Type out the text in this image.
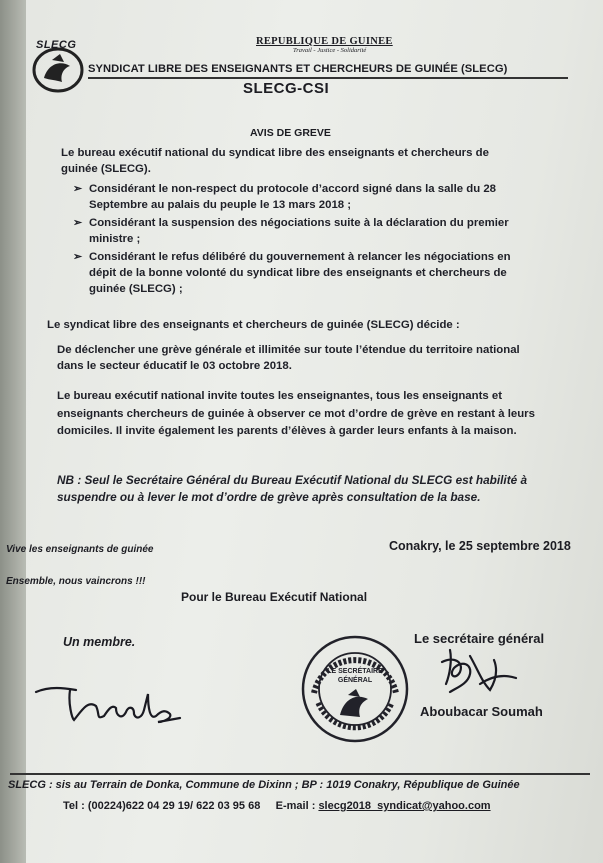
SLECG	REPUBLIQUE DE GUINEE
Travail - Justice - Solidarité
SYNDICAT LIBRE DES ENSEIGNANTS ET CHERCHEURS DE GUINÉE (SLECG)
SLECG-CSI
AVIS DE GREVE
Le bureau exécutif national du syndicat libre des enseignants et chercheurs de guinée (SLECG).
➢ Considérant le non-respect du protocole d’accord signé dans la salle du 28 Septembre au palais du peuple le 13 mars 2018 ;
➢ Considérant la suspension des négociations suite à la déclaration du premier ministre ;
➢ Considérant le refus délibéré du gouvernement à relancer les négociations en dépit de la bonne volonté du syndicat libre des enseignants et chercheurs de guinée (SLECG) ;
Le syndicat libre des enseignants et chercheurs de guinée (SLECG) décide :
De déclencher une grève générale et illimitée sur toute l’étendue du territoire national dans le secteur éducatif le 03 octobre 2018.
Le bureau exécutif national invite toutes les enseignantes, tous les enseignants et enseignants chercheurs de guinée à observer ce mot d’ordre de grève en restant à leurs domiciles. Il invite également les parents d’élèves à garder leurs enfants à la maison.
NB : Seul le Secrétaire Général du Bureau Exécutif National du SLECG est habilité à suspendre ou à lever le mot d’ordre de grève après consultation de la base.
Vive les enseignants de guinée	Conakry, le 25 septembre 2018
Ensemble, nous vaincrons !!!
Pour le Bureau Exécutif National
Un membre.	Le secrétaire général
LE SECRÉTAIRE
GÉNÉRAL
Aboubacar Soumah
SLECG : sis au Terrain de Donka, Commune de Dixinn ; BP : 1019 Conakry, République de Guinée
Tel : (00224)622 04 29 19/ 622 03 95 68 E-mail : slecg2018_syndicat@yahoo.com
